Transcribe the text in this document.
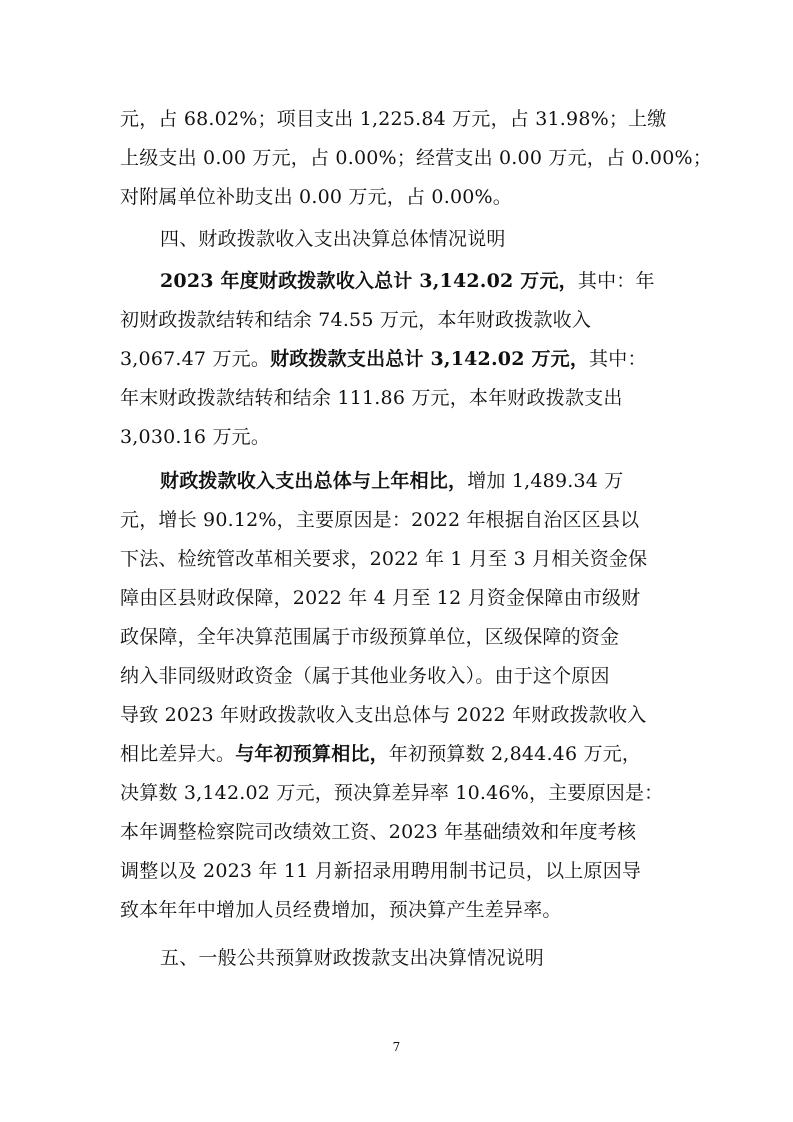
元，占 68.02%；项目支出 1,225.84 万元，占 31.98%；上缴
上级支出 0.00 万元，占 0.00%；经营支出 0.00 万元，占 0.00%；
对附属单位补助支出 0.00 万元，占 0.00%。
四、财政拨款收入支出决算总体情况说明
2023 年度财政拨款收入总计 3,142.02 万元，其中：年
初财政拨款结转和结余 74.55 万元，本年财政拨款收入
3,067.47 万元。财政拨款支出总计 3,142.02 万元，其中：
年末财政拨款结转和结余 111.86 万元，本年财政拨款支出
3,030.16 万元。
财政拨款收入支出总体与上年相比，增加 1,489.34 万
元，增长 90.12%，主要原因是：2022 年根据自治区区县以
下法、检统管改革相关要求，2022 年 1 月至 3 月相关资金保
障由区县财政保障，2022 年 4 月至 12 月资金保障由市级财
政保障，全年决算范围属于市级预算单位，区级保障的资金
纳入非同级财政资金（属于其他业务收入）。由于这个原因
导致 2023 年财政拨款收入支出总体与 2022 年财政拨款收入
相比差异大。与年初预算相比，年初预算数 2,844.46 万元，
决算数 3,142.02 万元，预决算差异率 10.46%，主要原因是：
本年调整检察院司改绩效工资、2023 年基础绩效和年度考核
调整以及 2023 年 11 月新招录用聘用制书记员，以上原因导
致本年年中增加人员经费增加，预决算产生差异率。
五、一般公共预算财政拨款支出决算情况说明
7
